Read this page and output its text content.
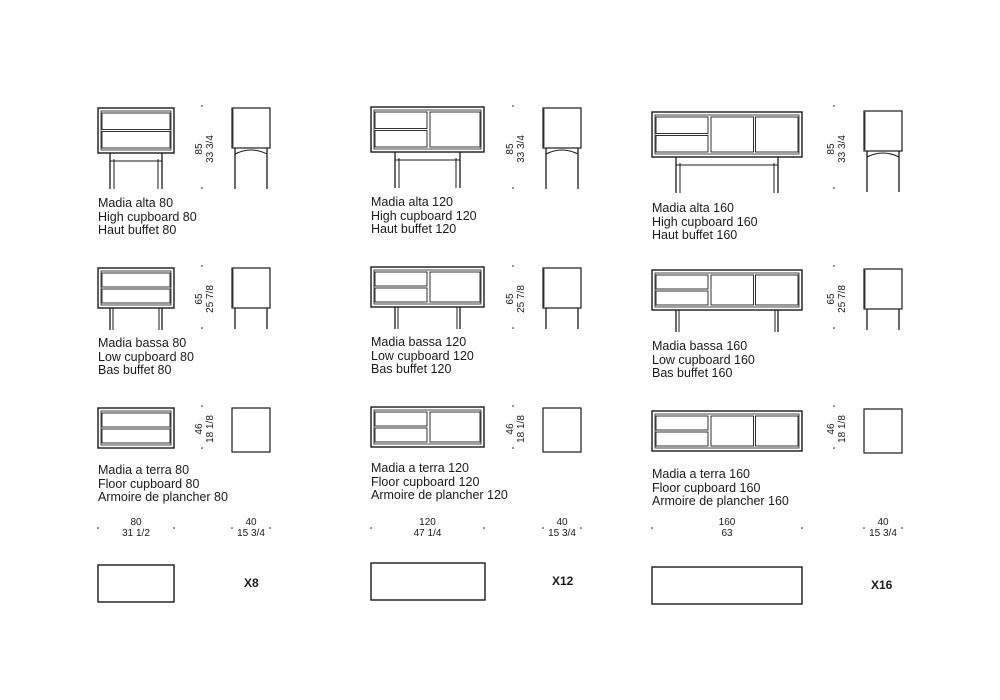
85 33 3/4
Madia alta 80
High cupboard 80
Haut buffet 80
65 25 7/8
Madia bassa 80
Low cupboard 80
Bas buffet 80
46 18 1/8
Madia a terra 80
Floor cupboard 80
Armoire de plancher 80
80
31 1/2
40
15 3/4
X8
85 33 3/4
Madia alta 120
High cupboard 120
Haut buffet 120
65 25 7/8
Madia bassa 120
Low cupboard 120
Bas buffet 120
46 18 1/8
Madia a terra 120
Floor cupboard 120
Armoire de plancher 120
120
47 1/4
40
15 3/4
X12
85 33 3/4
Madia alta 160
High cupboard 160
Haut buffet 160
65 25 7/8
Madia bassa 160
Low cupboard 160
Bas buffet 160
46 18 1/8
Madia a terra 160
Floor cupboard 160
Armoire de plancher 160
160
63
40
15 3/4
X16
